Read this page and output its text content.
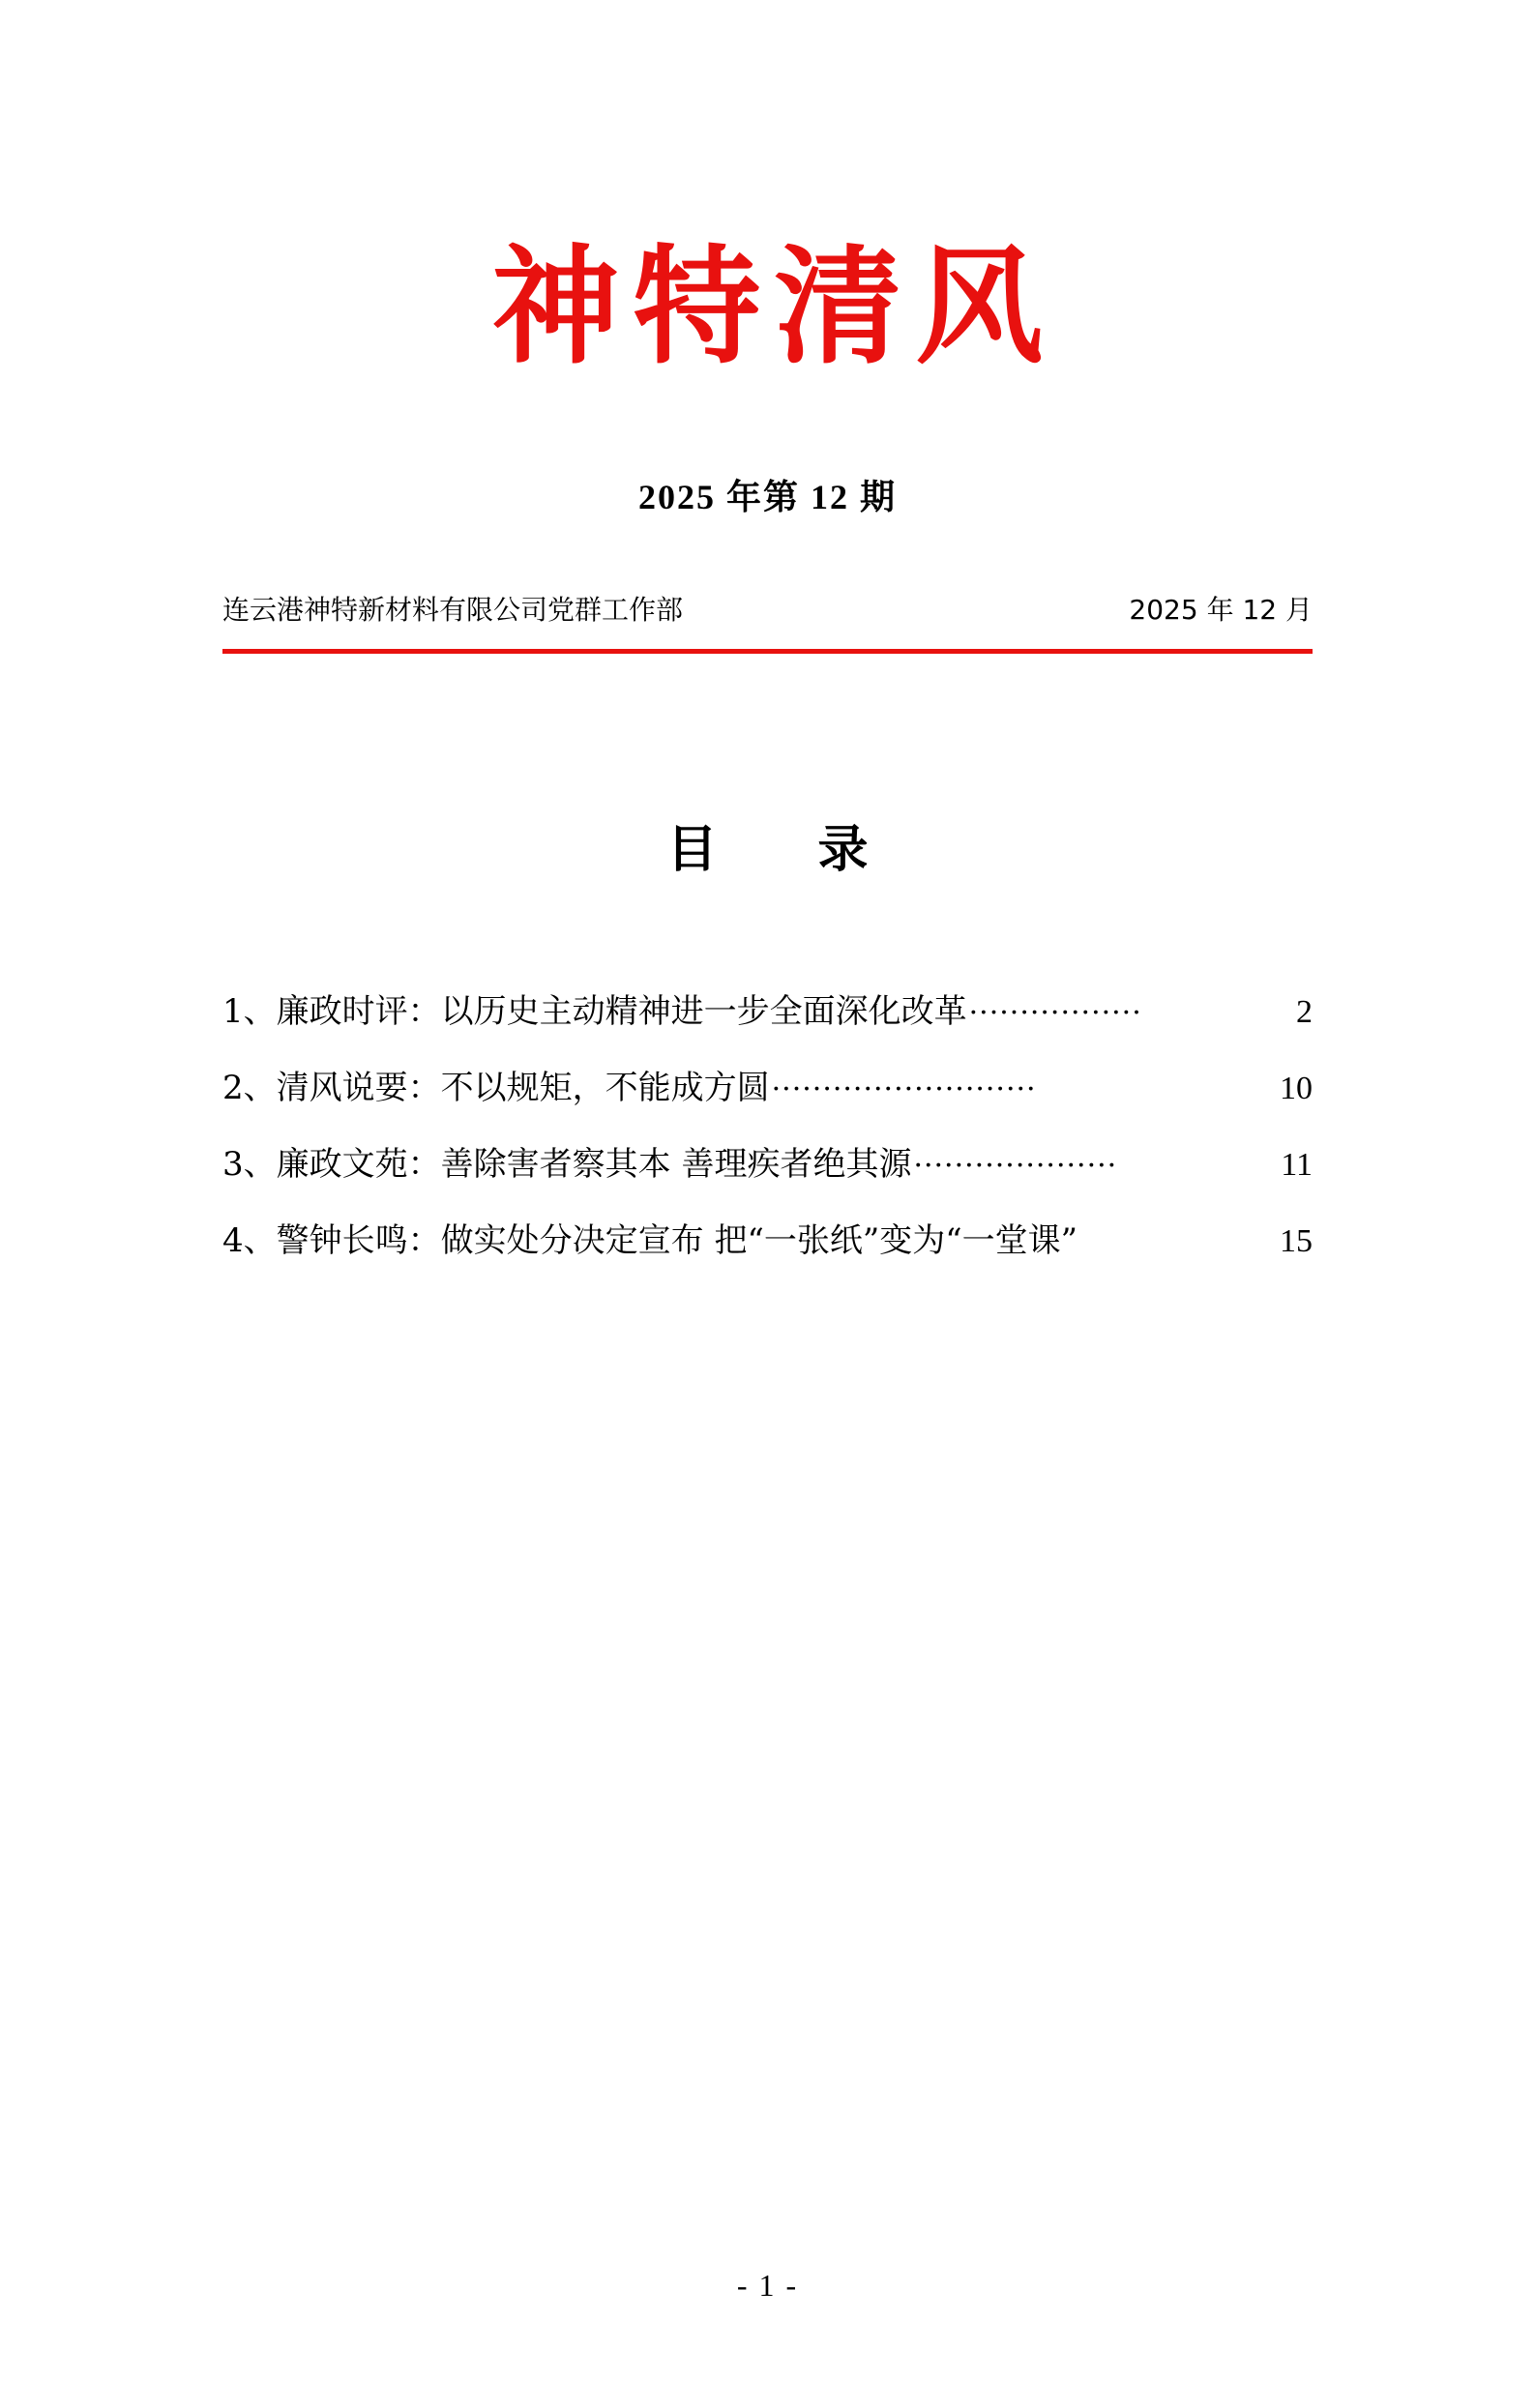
神特清风
2025 年第 12 期
连云港神特新材料有限公司党群工作部	2025 年 12 月
目　录
1、廉政时评：以历史主动精神进一步全面深化改革 ·················	2
2、清风说要：不以规矩，不能成方圆 ··························	10
3、廉政文苑：善除害者察其本 善理疾者绝其源 ····················	11
4、警钟长鸣：做实处分决定宣布 把“一张纸”变为“一堂课”	15
- 1 -
